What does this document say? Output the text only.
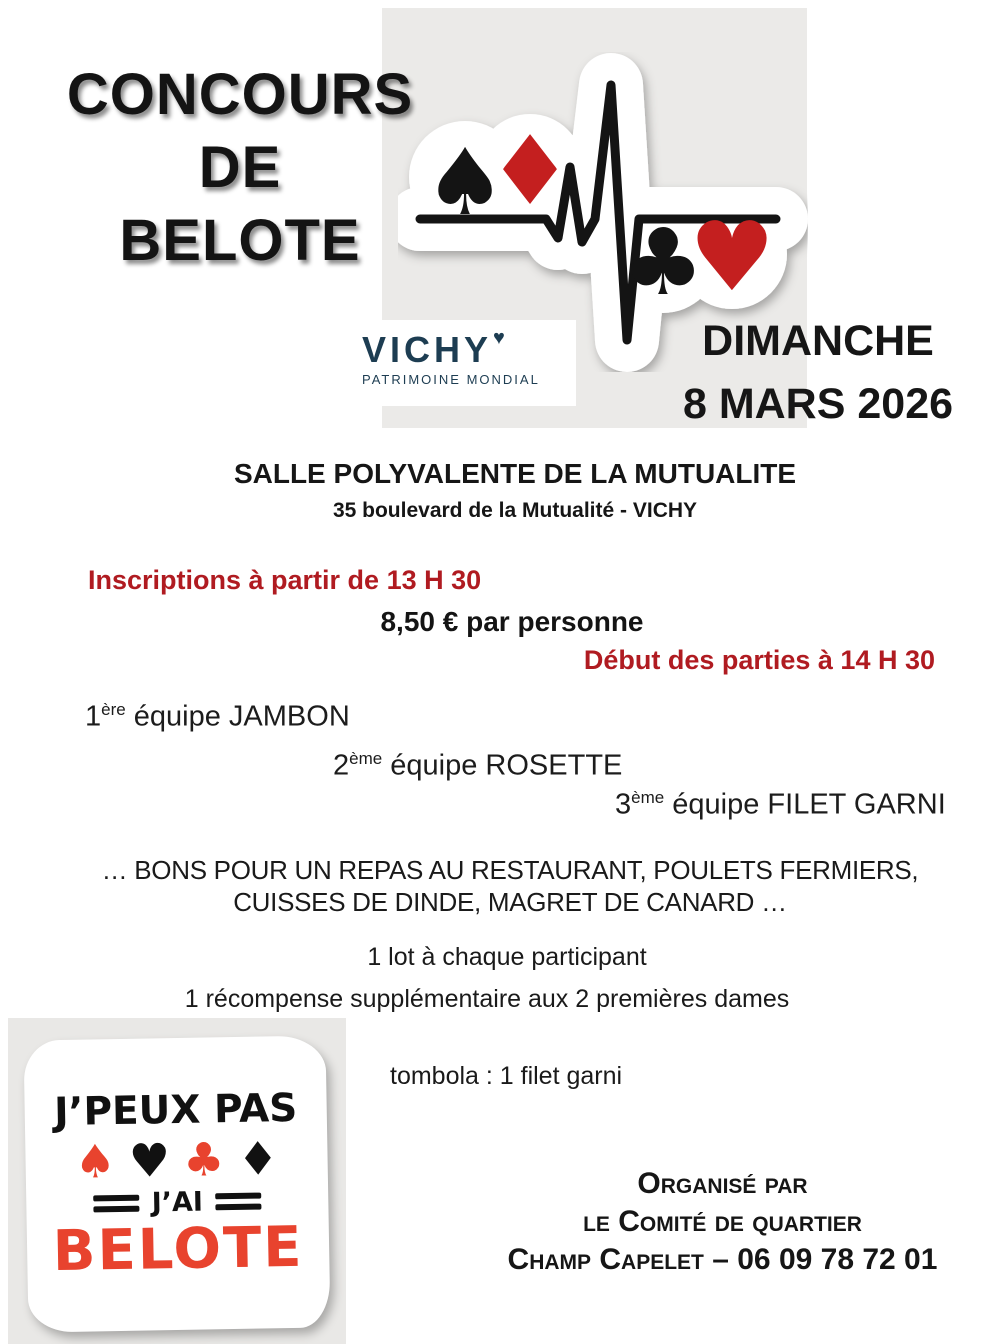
CONCOURS
DE
BELOTE
♠
♦
♣
♥
VICHY♥
PATRIMOINE MONDIAL
DIMANCHE
8 MARS 2026
SALLE POLYVALENTE DE LA MUTUALITE
35 boulevard de la Mutualité - VICHY
Inscriptions à partir de 13 H 30
8,50 € par personne
Début des parties à 14 H 30
1ère équipe JAMBON
2ème équipe ROSETTE
3ème équipe FILET GARNI
… BONS POUR UN REPAS AU RESTAURANT, POULETS FERMIERS,
CUISSES DE DINDE, MAGRET DE CANARD …
1 lot à chaque participant
1 récompense supplémentaire aux 2 premières dames
tombola : 1 filet garni
J’PEUX PAS
♠ ♥ ♣ ♦
J’AI
BELOTE
Organisé par
le Comité de quartier
Champ Capelet – 06 09 78 72 01
